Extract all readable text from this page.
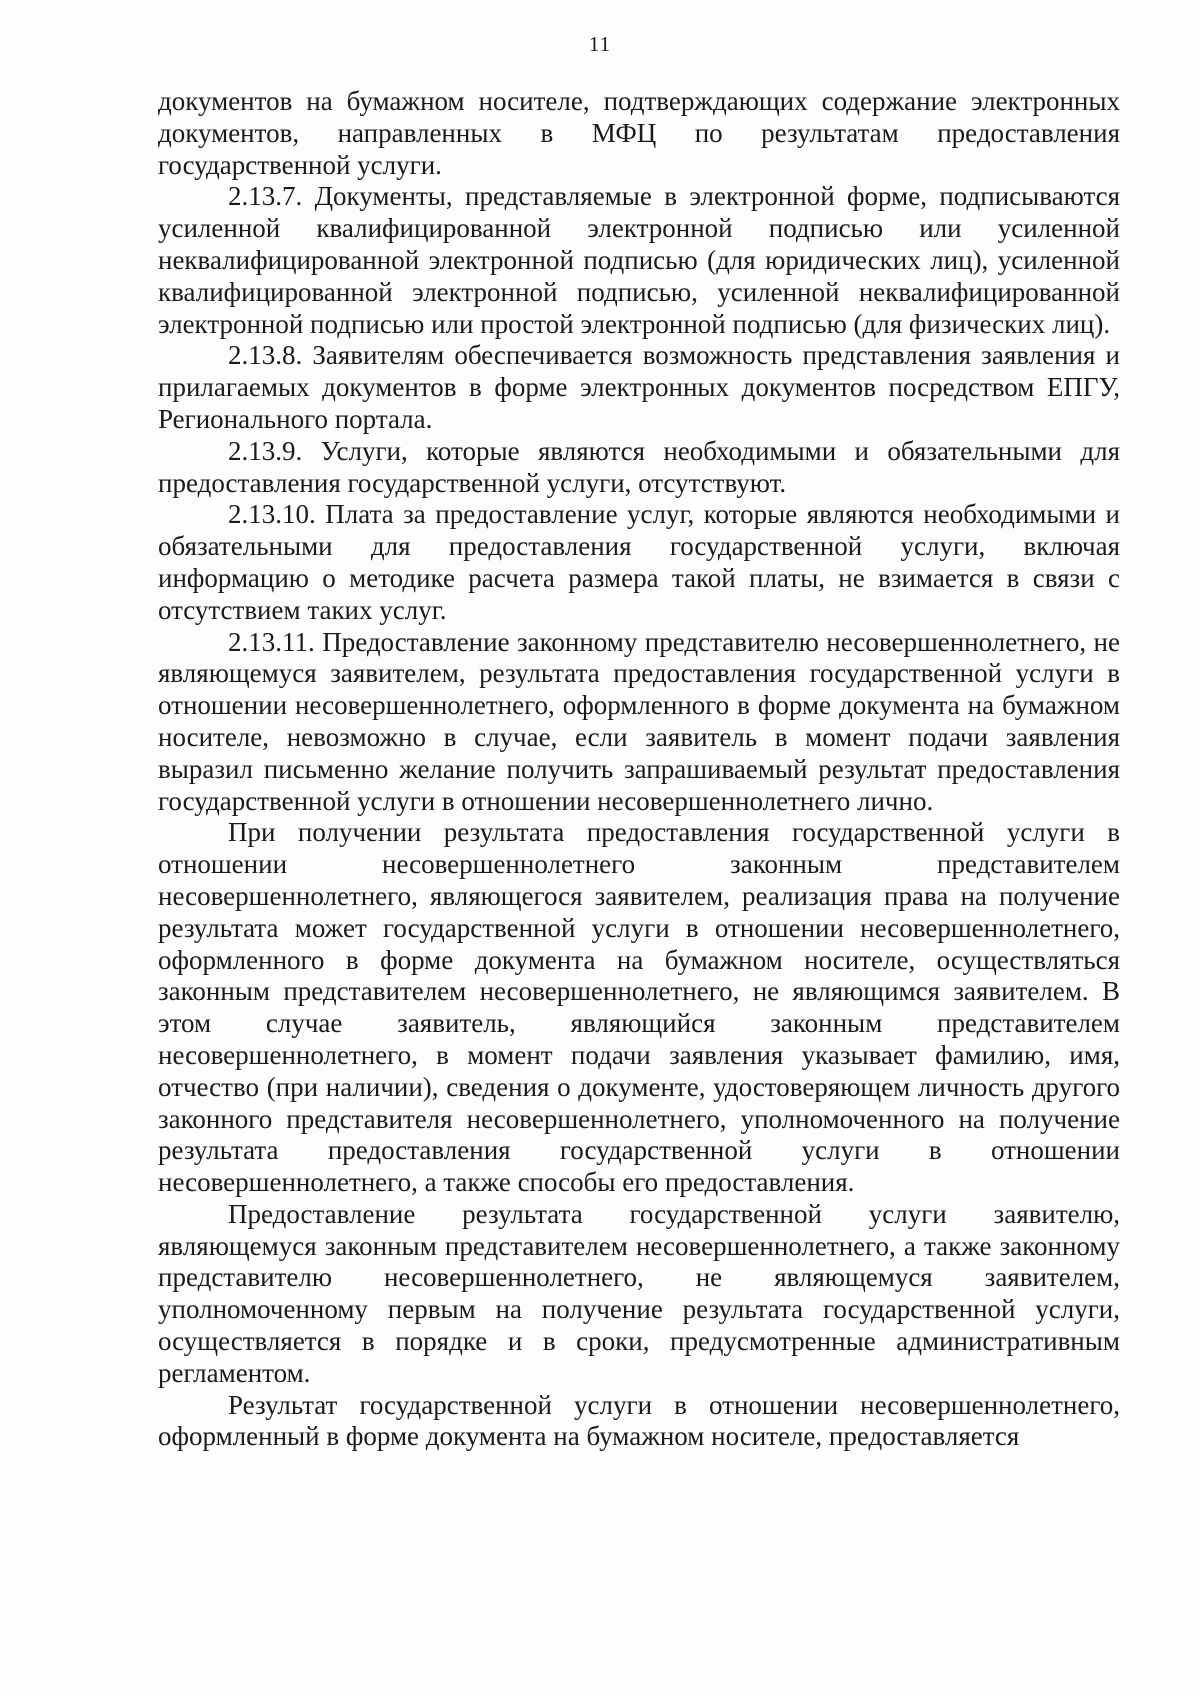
11

документов на бумажном носителе, подтверждающих содержание электронных документов, направленных в МФЦ по результатам предоставления государственной услуги.

2.13.7. Документы, представляемые в электронной форме, подписываются усиленной квалифицированной электронной подписью или усиленной неквалифицированной электронной подписью (для юридических лиц), усиленной квалифицированной электронной подписью, усиленной неквалифицированной электронной подписью или простой электронной подписью (для физических лиц).

2.13.8. Заявителям обеспечивается возможность представления заявления и прилагаемых документов в форме электронных документов посредством ЕПГУ, Регионального портала.

2.13.9. Услуги, которые являются необходимыми и обязательными для предоставления государственной услуги, отсутствуют.

2.13.10. Плата за предоставление услуг, которые являются необходимыми и обязательными для предоставления государственной услуги, включая информацию о методике расчета размера такой платы, не взимается в связи с отсутствием таких услуг.

2.13.11. Предоставление законному представителю несовершеннолетнего, не являющемуся заявителем, результата предоставления государственной услуги в отношении несовершеннолетнего, оформленного в форме документа на бумажном носителе, невозможно в случае, если заявитель в момент подачи заявления выразил письменно желание получить запрашиваемый результат предоставления государственной услуги в отношении несовершеннолетнего лично.

При получении результата предоставления государственной услуги в отношении несовершеннолетнего законным представителем несовершеннолетнего, являющегося заявителем, реализация права на получение результата может государственной услуги в отношении несовершеннолетнего, оформленного в форме документа на бумажном носителе, осуществляться законным представителем несовершеннолетнего, не являющимся заявителем. В этом случае заявитель, являющийся законным представителем несовершеннолетнего, в момент подачи заявления указывает фамилию, имя, отчество (при наличии), сведения о документе, удостоверяющем личность другого законного представителя несовершеннолетнего, уполномоченного на получение результата предоставления государственной услуги в отношении несовершеннолетнего, а также способы его предоставления.

Предоставление результата государственной услуги заявителю, являющемуся законным представителем несовершеннолетнего, а также законному представителю несовершеннолетнего, не являющемуся заявителем, уполномоченному первым на получение результата государственной услуги, осуществляется в порядке и в сроки, предусмотренные административным регламентом.

Результат государственной услуги в отношении несовершеннолетнего, оформленный в форме документа на бумажном носителе, предоставляется
